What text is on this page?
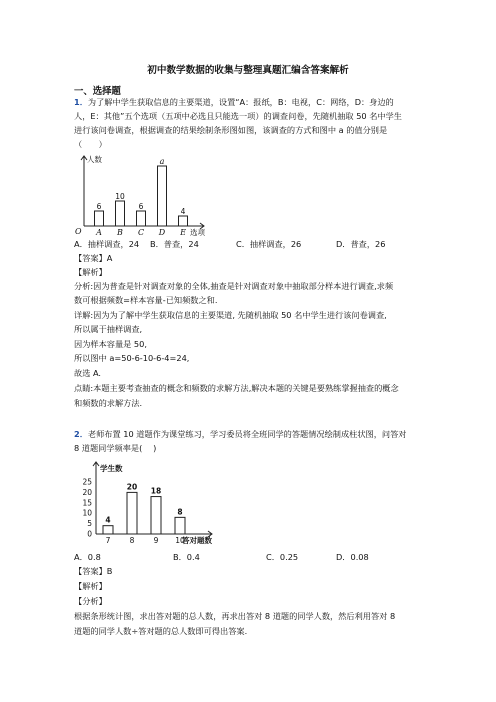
初中数学数据的收集与整理真题汇编含答案解析
一、选择题
1．为了解中学生获取信息的主要渠道，设置“A：报纸，B：电视，C：网络，D：身边的
人，E：其他”五个选项（五项中必选且只能选一项）的调查问卷，先随机抽取 50 名中学生
进行该问卷调查，根据调查的结果绘制条形图如图，该调查的方式和图中 a 的值分别是
（　　）
人数
选项
O
6
A
10
B
6
C
a
D
4
E
A．抽样调查，24 B．普查，24	C．抽样调查，26	D．普查，26
【答案】A
【解析】
分析:因为普查是针对调查对象的全体,抽查是针对调查对象中抽取部分样本进行调查,求频
数可根据频数=样本容量-已知频数之和.
详解:因为为了解中学生获取信息的主要渠道, 先随机抽取 50 名中学生进行该问卷调查,
所以属于抽样调查,
因为样本容量是 50,
所以图中 a=50-6-10-6-4=24,
故选 A.
点睛:本题主要考查抽查的概念和频数的求解方法,解决本题的关键是要熟练掌握抽查的概念
和频数的求解方法.
2．老师布置 10 道题作为课堂练习，学习委员将全班同学的答题情况绘制成柱状图，问答对
8 道题同学频率是(　 )
学生数
0
5
10
15
20
25
4
7
20
8
18
9
8
10
答对题数
A．0.8	B．0.4	C．0.25	D．0.08
【答案】B
【解析】
【分析】
根据条形统计图，求出答对题的总人数，再求出答对 8 道题的同学人数，然后利用答对 8
道题的同学人数÷答对题的总人数即可得出答案.
